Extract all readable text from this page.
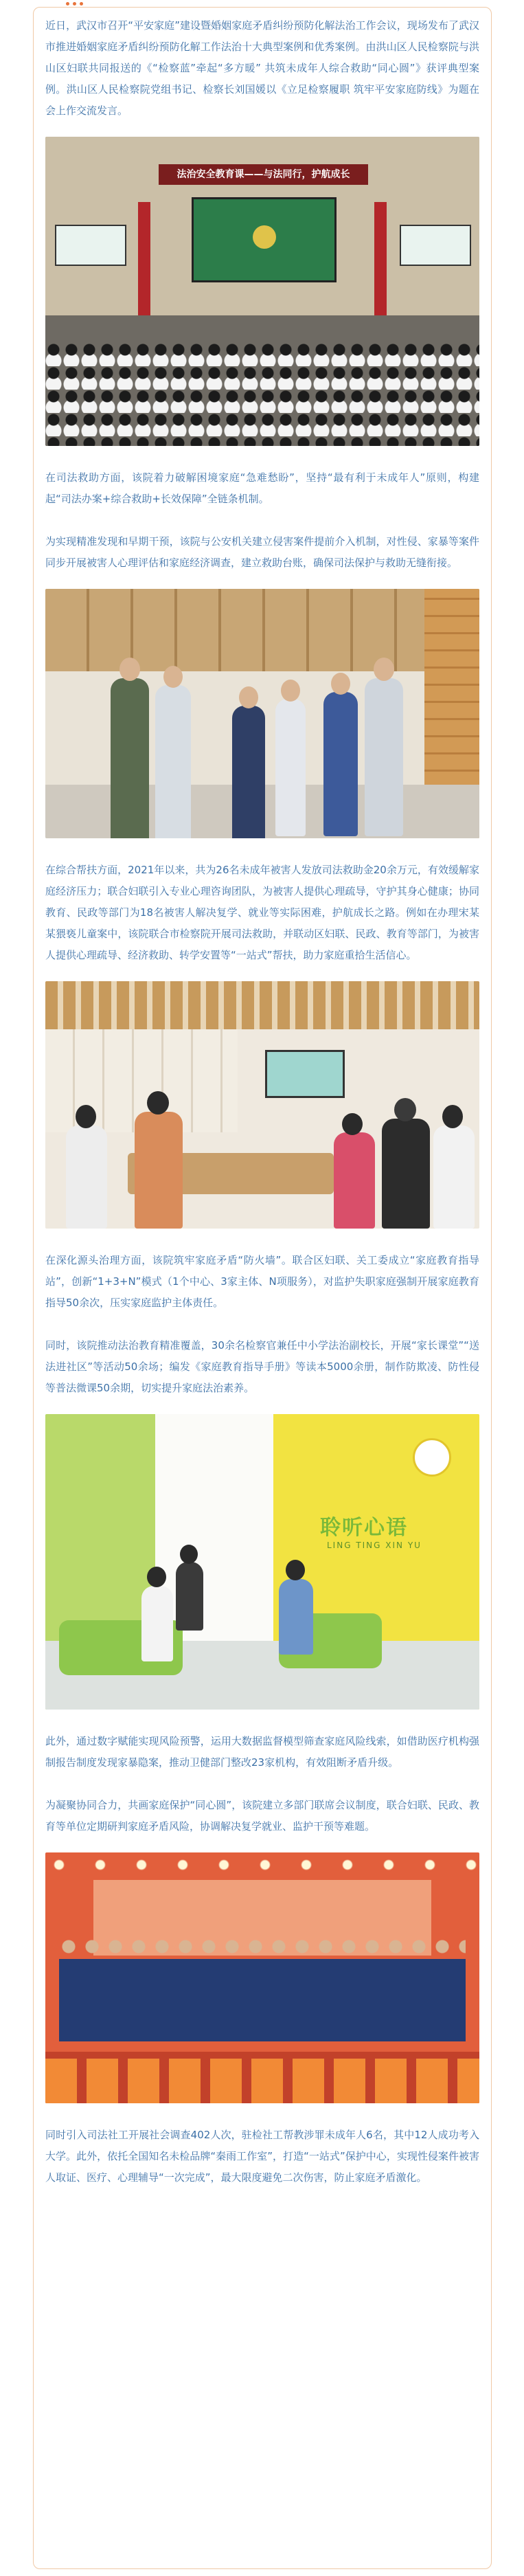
近日，武汉市召开“平安家庭”建设暨婚姻家庭矛盾纠纷预防化解法治工作会议，现场发布了武汉市推进婚姻家庭矛盾纠纷预防化解工作法治十大典型案例和优秀案例。由洪山区人民检察院与洪山区妇联共同报送的《“检察蓝”牵起“多方暖” 共筑未成年人综合救助“同心圆”》获评典型案例。洪山区人民检察院党组书记、检察长刘国媛以《立足检察履职 筑牢平安家庭防线》为题在会上作交流发言。

法治安全教育课——与法同行，护航成长

在司法救助方面，该院着力破解困境家庭“急难愁盼”，坚持“最有利于未成年人”原则，构建起“司法办案+综合救助+长效保障”全链条机制。

为实现精准发现和早期干预，该院与公安机关建立侵害案件提前介入机制，对性侵、家暴等案件同步开展被害人心理评估和家庭经济调查，建立救助台账，确保司法保护与救助无缝衔接。

在综合帮扶方面，2021年以来，共为26名未成年被害人发放司法救助金20余万元，有效缓解家庭经济压力；联合妇联引入专业心理咨询团队，为被害人提供心理疏导，守护其身心健康；协同教育、民政等部门为18名被害人解决复学、就业等实际困难，护航成长之路。例如在办理宋某某猥亵儿童案中，该院联合市检察院开展司法救助，并联动区妇联、民政、教育等部门，为被害人提供心理疏导、经济救助、转学安置等“一站式”帮扶，助力家庭重拾生活信心。

在深化源头治理方面，该院筑牢家庭矛盾“防火墙”。联合区妇联、关工委成立“家庭教育指导站”，创新“1+3+N”模式（1个中心、3家主体、N项服务），对监护失职家庭强制开展家庭教育指导50余次，压实家庭监护主体责任。

同时，该院推动法治教育精准覆盖，30余名检察官兼任中小学法治副校长，开展“家长课堂”“送法进社区”等活动50余场；编发《家庭教育指导手册》等读本5000余册，制作防欺凌、防性侵等普法微课50余期，切实提升家庭法治素养。

聆听心语
LING TING XIN YU

此外，通过数字赋能实现风险预警，运用大数据监督模型筛查家庭风险线索，如借助医疗机构强制报告制度发现家暴隐案，推动卫健部门整改23家机构，有效阻断矛盾升级。

为凝聚协同合力，共画家庭保护“同心圆”，该院建立多部门联席会议制度，联合妇联、民政、教育等单位定期研判家庭矛盾风险，协调解决复学就业、监护干预等难题。

同时引入司法社工开展社会调查402人次，驻检社工帮教涉罪未成年人6名，其中12人成功考入大学。此外，依托全国知名未检品牌“秦雨工作室”，打造“一站式”保护中心，实现性侵案件被害人取证、医疗、心理辅导“一次完成”，最大限度避免二次伤害，防止家庭矛盾激化。
